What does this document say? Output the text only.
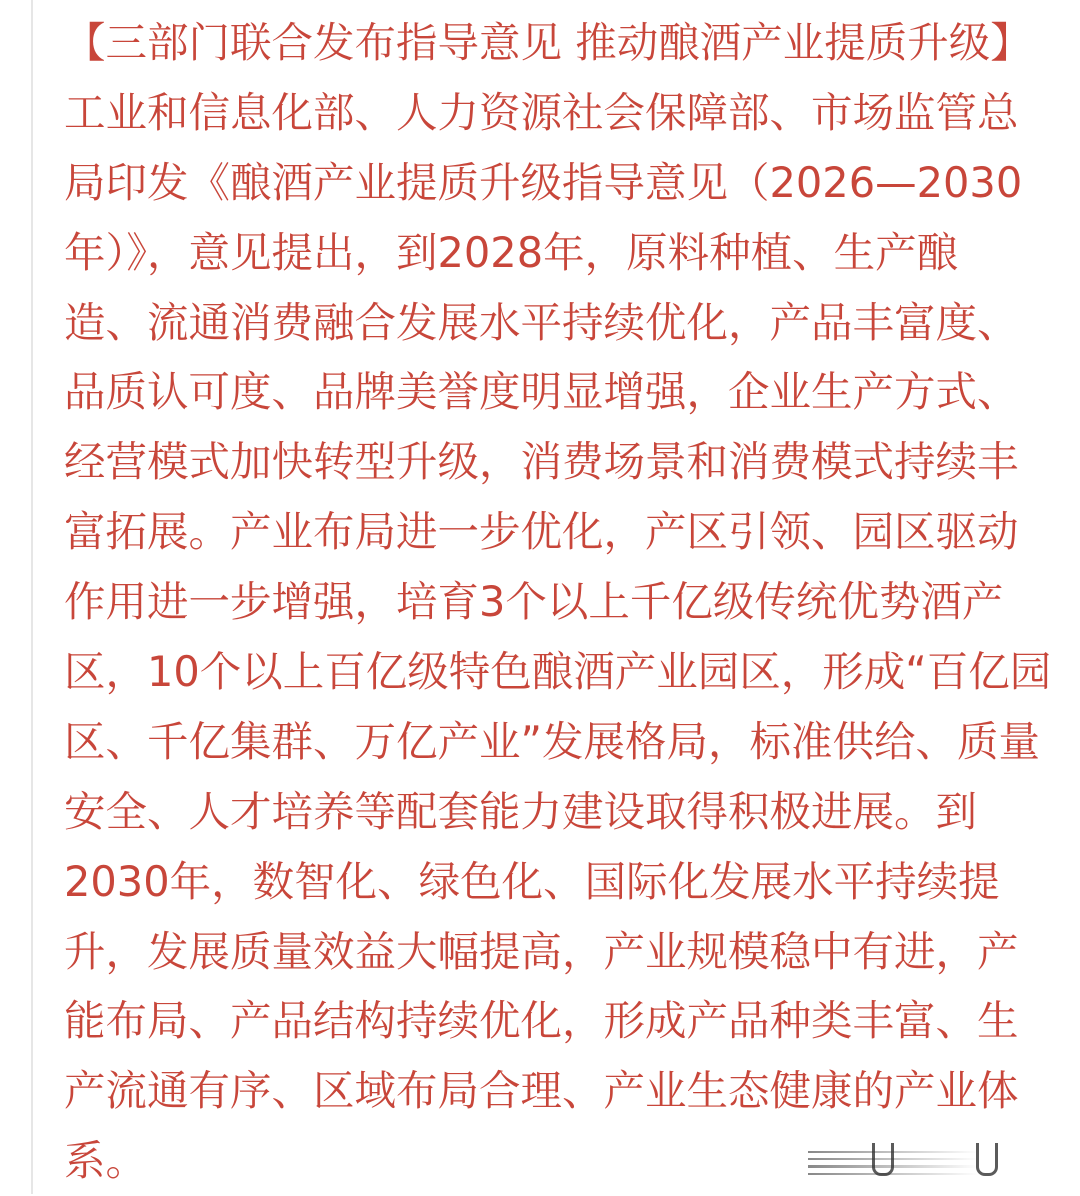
【三部门联合发布指导意见 推动酿酒产业提质升级】
工业和信息化部、人力资源社会保障部、市场监管总
局印发《酿酒产业提质升级指导意见（2026—2030
年）》，意见提出，到2028年，原料种植、生产酿
造、流通消费融合发展水平持续优化，产品丰富度、
品质认可度、品牌美誉度明显增强，企业生产方式、
经营模式加快转型升级，消费场景和消费模式持续丰
富拓展。产业布局进一步优化，产区引领、园区驱动
作用进一步增强，培育3个以上千亿级传统优势酒产
区，10个以上百亿级特色酿酒产业园区，形成“百亿园
区、千亿集群、万亿产业”发展格局，标准供给、质量
安全、人才培养等配套能力建设取得积极进展。到
2030年，数智化、绿色化、国际化发展水平持续提
升，发展质量效益大幅提高，产业规模稳中有进，产
能布局、产品结构持续优化，形成产品种类丰富、生
产流通有序、区域布局合理、产业生态健康的产业体
系。
